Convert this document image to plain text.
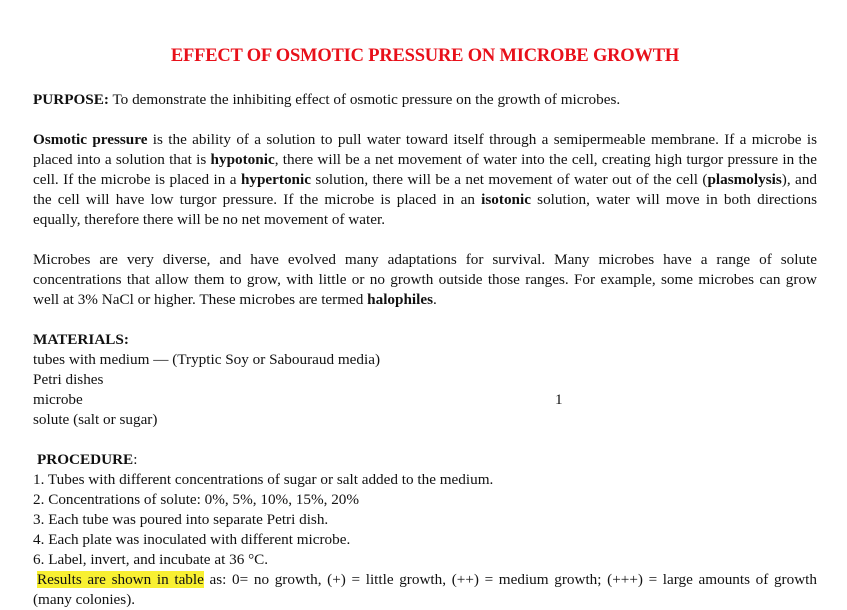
EFFECT OF OSMOTIC PRESSURE ON MICROBE GROWTH

PURPOSE: To demonstrate the inhibiting effect of osmotic pressure on the growth of microbes.

Osmotic pressure is the ability of a solution to pull water toward itself through a semipermeable membrane. If a microbe is placed into a solution that is hypotonic, there will be a net movement of water into the cell, creating high turgor pressure in the cell. If the microbe is placed in a hypertonic solution, there will be a net movement of water out of the cell (plasmolysis), and the cell will have low turgor pressure. If the microbe is placed in an isotonic solution, water will move in both directions equally, therefore there will be no net movement of water.

Microbes are very diverse, and have evolved many adaptations for survival. Many microbes have a range of solute concentrations that allow them to grow, with little or no growth outside those ranges. For example, some microbes can grow well at 3% NaCl or higher. These microbes are termed halophiles.

MATERIALS:

tubes with medium — (Tryptic Soy or Sabouraud media)

Petri dishes

microbe	1

solute (salt or sugar)

PROCEDURE:

1. Tubes with different concentrations of sugar or salt added to the medium.

2. Concentrations of solute: 0%, 5%, 10%, 15%, 20%

3. Each tube was poured into separate Petri dish.

4. Each plate was inoculated with different microbe.

6. Label, invert, and incubate at 36 °C.

Results are shown in table as: 0= no growth, (+) = little growth, (++) = medium growth; (+++) = large amounts of growth (many colonies).
